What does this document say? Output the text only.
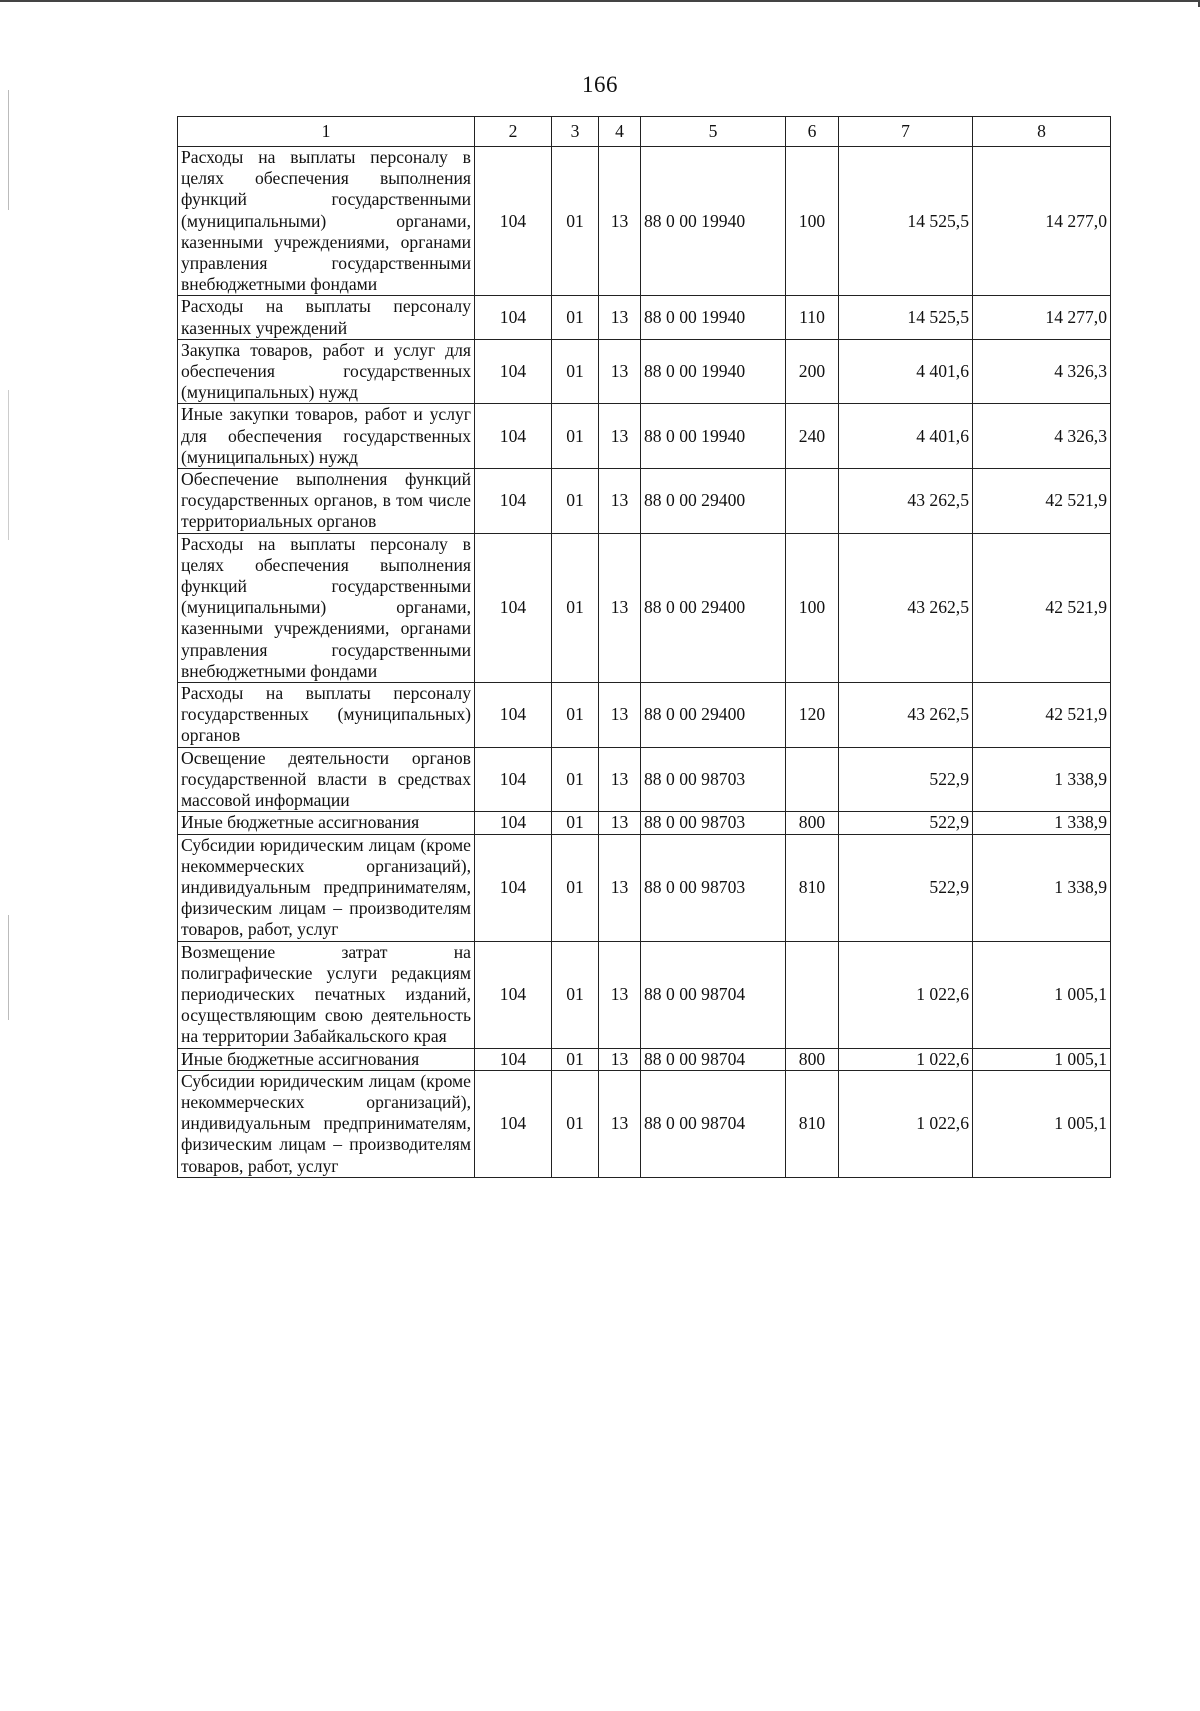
166
1	2	3	4	5	6	7	8
Расходы на выплаты персоналу в целях обеспечения выполнения функций государственными (муниципальными) органами, казенными учреждениями, органами управления государственными внебюджетными фондами	104	01	13	88 0 00 19940	100	14 525,5	14 277,0
Расходы на выплаты персоналу казенных учреждений	104	01	13	88 0 00 19940	110	14 525,5	14 277,0
Закупка товаров, работ и услуг для обеспечения государственных (муниципальных) нужд	104	01	13	88 0 00 19940	200	4 401,6	4 326,3
Иные закупки товаров, работ и услуг для обеспечения государственных (муниципальных) нужд	104	01	13	88 0 00 19940	240	4 401,6	4 326,3
Обеспечение выполнения функций государственных органов, в том числе территориальных органов	104	01	13	88 0 00 29400		43 262,5	42 521,9
Расходы на выплаты персоналу в целях обеспечения выполнения функций государственными (муниципальными) органами, казенными учреждениями, органами управления государственными внебюджетными фондами	104	01	13	88 0 00 29400	100	43 262,5	42 521,9
Расходы на выплаты персоналу государственных (муниципальных) органов	104	01	13	88 0 00 29400	120	43 262,5	42 521,9
Освещение деятельности органов государственной власти в средствах массовой информации	104	01	13	88 0 00 98703		522,9	1 338,9
Иные бюджетные ассигнования	104	01	13	88 0 00 98703	800	522,9	1 338,9
Субсидии юридическим лицам (кроме некоммерческих организаций), индивидуальным предпринимателям, физическим лицам – производителям товаров, работ, услуг	104	01	13	88 0 00 98703	810	522,9	1 338,9
Возмещение затрат на полиграфические услуги редакциям периодических печатных изданий, осуществляющим свою деятельность на территории Забайкальского края	104	01	13	88 0 00 98704		1 022,6	1 005,1
Иные бюджетные ассигнования	104	01	13	88 0 00 98704	800	1 022,6	1 005,1
Субсидии юридическим лицам (кроме некоммерческих организаций), индивидуальным предпринимателям, физическим лицам – производителям товаров, работ, услуг	104	01	13	88 0 00 98704	810	1 022,6	1 005,1
